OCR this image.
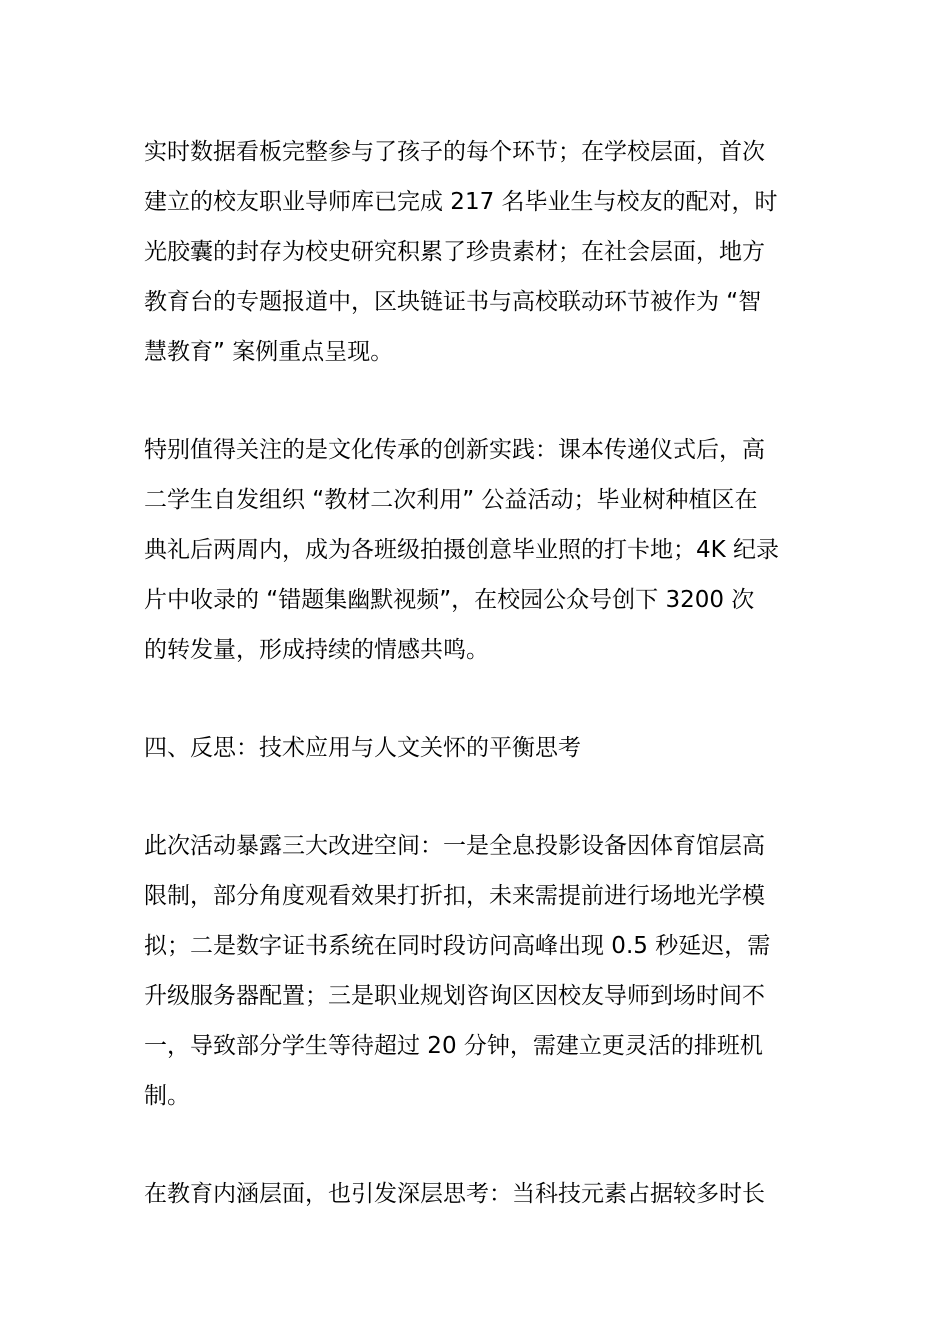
实时数据看板完整参与了孩子的每个环节；在学校层面，首次
建立的校友职业导师库已完成 217 名毕业生与校友的配对，时
光胶囊的封存为校史研究积累了珍贵素材；在社会层面，地方
教育台的专题报道中，区块链证书与高校联动环节被作为 “智
慧教育” 案例重点呈现。
特别值得关注的是文化传承的创新实践：课本传递仪式后，高
二学生自发组织 “教材二次利用” 公益活动；毕业树种植区在
典礼后两周内，成为各班级拍摄创意毕业照的打卡地；4K 纪录
片中收录的 “错题集幽默视频”，在校园公众号创下 3200 次
的转发量，形成持续的情感共鸣。
四、反思：技术应用与人文关怀的平衡思考
此次活动暴露三大改进空间：一是全息投影设备因体育馆层高
限制，部分角度观看效果打折扣，未来需提前进行场地光学模
拟；二是数字证书系统在同时段访问高峰出现 0.5 秒延迟，需
升级服务器配置；三是职业规划咨询区因校友导师到场时间不
一，导致部分学生等待超过 20 分钟，需建立更灵活的排班机
制。
在教育内涵层面，也引发深层思考：当科技元素占据较多时长
